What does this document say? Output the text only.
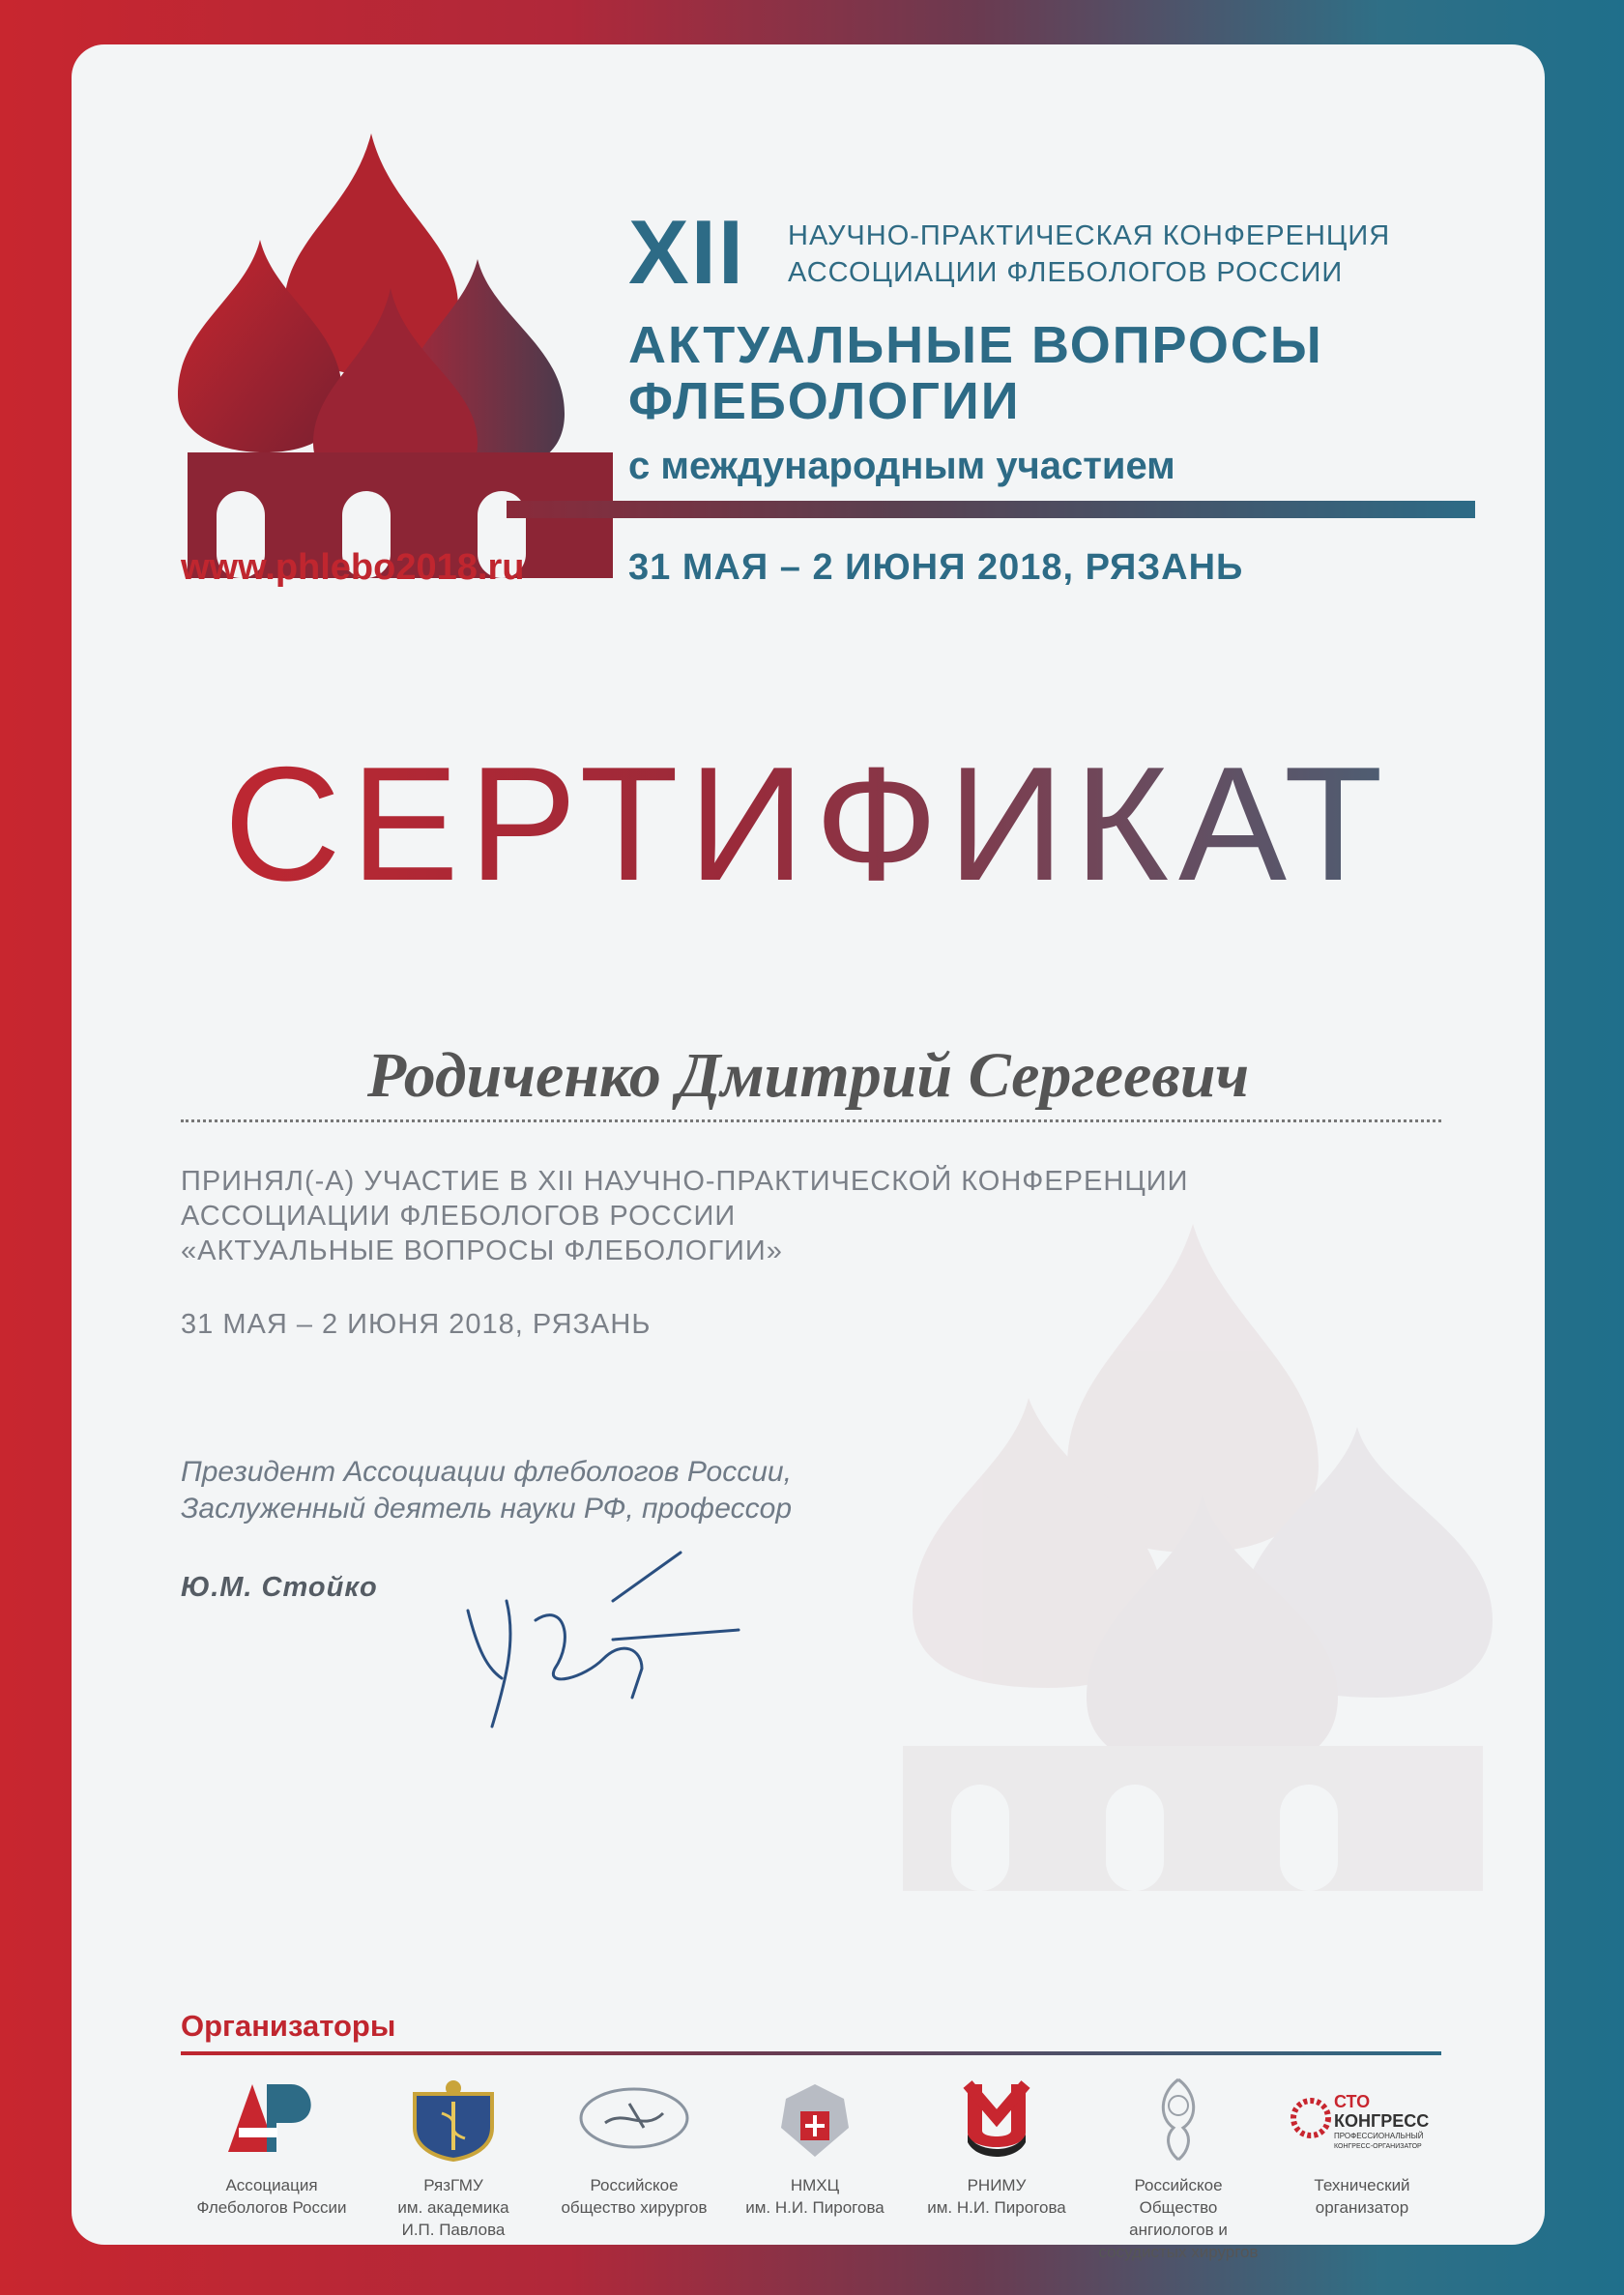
XII НАУЧНО-ПРАКТИЧЕСКАЯ КОНФЕРЕНЦИЯ
АССОЦИАЦИИ ФЛЕБОЛОГОВ РОССИИ
АКТУАЛЬНЫЕ ВОПРОСЫ
ФЛЕБОЛОГИИ
с международным участием
www.phlebo2018.ru	31 МАЯ – 2 ИЮНЯ 2018, РЯЗАНЬ
СЕРТИФИКАТ
Родиченко Дмитрий Сергеевич
ПРИНЯЛ(-А) УЧАСТИЕ В XII НАУЧНО-ПРАКТИЧЕСКОЙ КОНФЕРЕНЦИИ
АССОЦИАЦИИ ФЛЕБОЛОГОВ РОССИИ
«АКТУАЛЬНЫЕ ВОПРОСЫ ФЛЕБОЛОГИИ»
31 МАЯ – 2 ИЮНЯ 2018, РЯЗАНЬ
Президент Ассоциации флебологов России,
Заслуженный деятель науки РФ, профессор
Ю.М. Стойко
Организаторы
Ассоциация
Флебологов России
РязГМУ
им. академика
И.П. Павлова
Российское
общество хирургов
НМХЦ
им. Н.И. Пирогова
РНИМУ
им. Н.И. Пирогова
Российское
Общество
ангиологов и
сосудистых хирургов
СТО
КОНГРЕСС
ПРОФЕССИОНАЛЬНЫЙ
КОНГРЕСС-ОРГАНИЗАТОР
Технический
организатор
